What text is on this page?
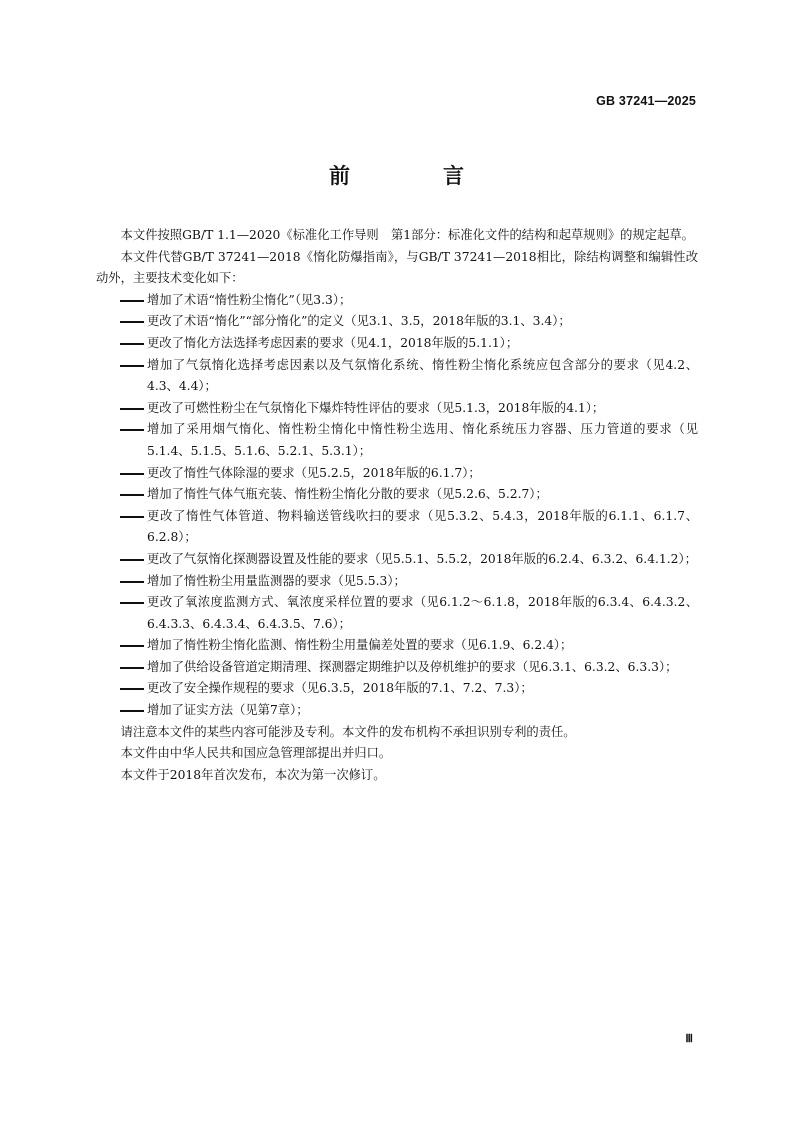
GB 37241—2025
前　言

本文件按照GB/T 1.1—2020《标准化工作导则　第1部分：标准化文件的结构和起草规则》的规定起草。

本文件代替GB/T 37241—2018《惰化防爆指南》，与GB/T 37241—2018相比，除结构调整和编辑性改动外，主要技术变化如下：

增加了术语“惰性粉尘惰化”（见3.3）；
更改了术语“惰化”“部分惰化”的定义（见3.1、3.5，2018年版的3.1、3.4）；
更改了惰化方法选择考虑因素的要求（见4.1，2018年版的5.1.1）；
增加了气氛惰化选择考虑因素以及气氛惰化系统、惰性粉尘惰化系统应包含部分的要求（见4.2、4.3、4.4）；
更改了可燃性粉尘在气氛惰化下爆炸特性评估的要求（见5.1.3，2018年版的4.1）；
增加了采用烟气惰化、惰性粉尘惰化中惰性粉尘选用、惰化系统压力容器、压力管道的要求（见5.1.4、5.1.5、5.1.6、5.2.1、5.3.1）；
更改了惰性气体除湿的要求（见5.2.5，2018年版的6.1.7）；
增加了惰性气体气瓶充装、惰性粉尘惰化分散的要求（见5.2.6、5.2.7）；
更改了惰性气体管道、物料输送管线吹扫的要求（见5.3.2、5.4.3，2018年版的6.1.1、6.1.7、6.2.8）；
更改了气氛惰化探测器设置及性能的要求（见5.5.1、5.5.2，2018年版的6.2.4、6.3.2、6.4.1.2）；
增加了惰性粉尘用量监测器的要求（见5.5.3）；
更改了氧浓度监测方式、氧浓度采样位置的要求（见6.1.2～6.1.8，2018年版的6.3.4、6.4.3.2、6.4.3.3、6.4.3.4、6.4.3.5、7.6）；
增加了惰性粉尘惰化监测、惰性粉尘用量偏差处置的要求（见6.1.9、6.2.4）；
增加了供给设备管道定期清理、探测器定期维护以及停机维护的要求（见6.3.1、6.3.2、6.3.3）；
更改了安全操作规程的要求（见6.3.5，2018年版的7.1、7.2、7.3）；
增加了证实方法（见第7章）；

请注意本文件的某些内容可能涉及专利。本文件的发布机构不承担识别专利的责任。

本文件由中华人民共和国应急管理部提出并归口。

本文件于2018年首次发布，本次为第一次修订。

Ⅲ
